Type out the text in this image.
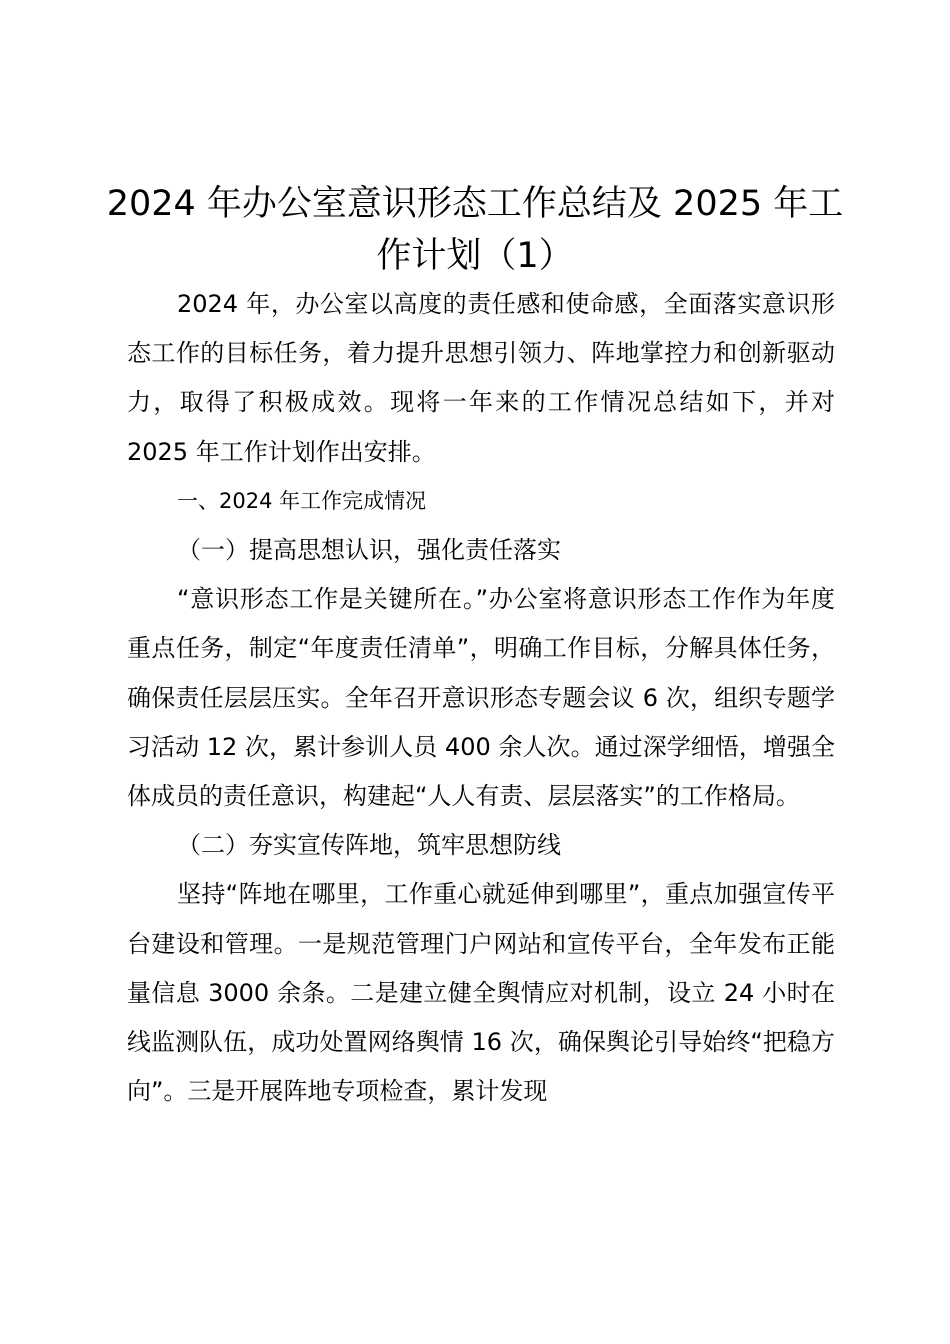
2024 年办公室意识形态工作总结及 2025 年工作计划（1）

2024 年，办公室以高度的责任感和使命感，全面落实意识形态工作的目标任务，着力提升思想引领力、阵地掌控力和创新驱动力，取得了积极成效。现将一年来的工作情况总结如下，并对 2025 年工作计划作出安排。

一、2024 年工作完成情况

（一）提高思想认识，强化责任落实

“意识形态工作是关键所在。”办公室将意识形态工作作为年度重点任务，制定“年度责任清单”，明确工作目标，分解具体任务，确保责任层层压实。全年召开意识形态专题会议 6 次，组织专题学习活动 12 次，累计参训人员 400 余人次。通过深学细悟，增强全体成员的责任意识，构建起“人人有责、层层落实”的工作格局。

（二）夯实宣传阵地，筑牢思想防线

坚持“阵地在哪里，工作重心就延伸到哪里”，重点加强宣传平台建设和管理。一是规范管理门户网站和宣传平台，全年发布正能量信息 3000 余条。二是建立健全舆情应对机制，设立 24 小时在线监测队伍，成功处置网络舆情 16 次，确保舆论引导始终“把稳方向”。三是开展阵地专项检查，累计发现
